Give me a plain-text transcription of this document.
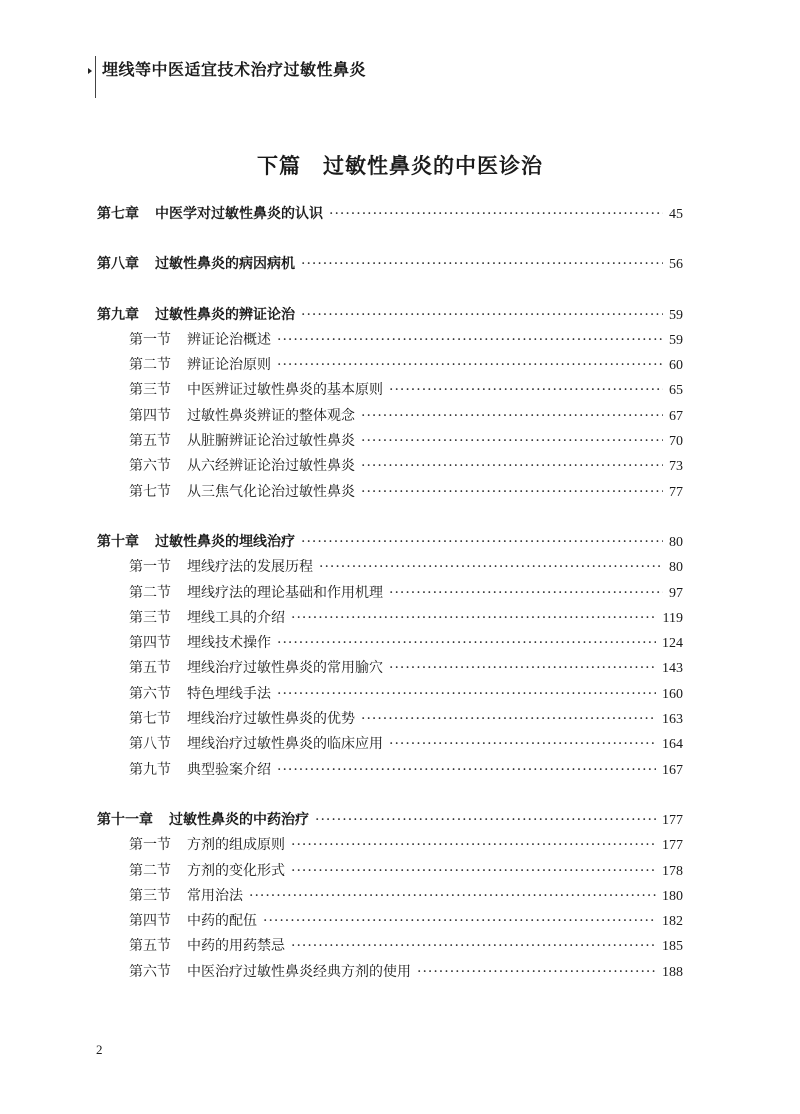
埋线等中医适宜技术治疗过敏性鼻炎
下篇　过敏性鼻炎的中医诊治
第七章 中医学对过敏性鼻炎的认识 ·····	45
第八章 过敏性鼻炎的病因病机 ·····	56
第九章 过敏性鼻炎的辨证论治 ·····	59
第一节 辨证论治概述 ·····	59
第二节 辨证论治原则 ·····	60
第三节 中医辨证过敏性鼻炎的基本原则 ·····	65
第四节 过敏性鼻炎辨证的整体观念 ·····	67
第五节 从脏腑辨证论治过敏性鼻炎 ·····	70
第六节 从六经辨证论治过敏性鼻炎 ·····	73
第七节 从三焦气化论治过敏性鼻炎 ·····	77
第十章 过敏性鼻炎的埋线治疗 ·····	80
第一节 埋线疗法的发展历程 ·····	80
第二节 埋线疗法的理论基础和作用机理 ·····	97
第三节 埋线工具的介绍 ·····	119
第四节 埋线技术操作 ·····	124
第五节 埋线治疗过敏性鼻炎的常用腧穴 ·····	143
第六节 特色埋线手法 ·····	160
第七节 埋线治疗过敏性鼻炎的优势 ·····	163
第八节 埋线治疗过敏性鼻炎的临床应用 ·····	164
第九节 典型验案介绍 ·····	167
第十一章 过敏性鼻炎的中药治疗 ·····	177
第一节 方剂的组成原则 ·····	177
第二节 方剂的变化形式 ·····	178
第三节 常用治法 ·····	180
第四节 中药的配伍 ·····	182
第五节 中药的用药禁忌 ·····	185
第六节 中医治疗过敏性鼻炎经典方剂的使用 ·····	188
2
